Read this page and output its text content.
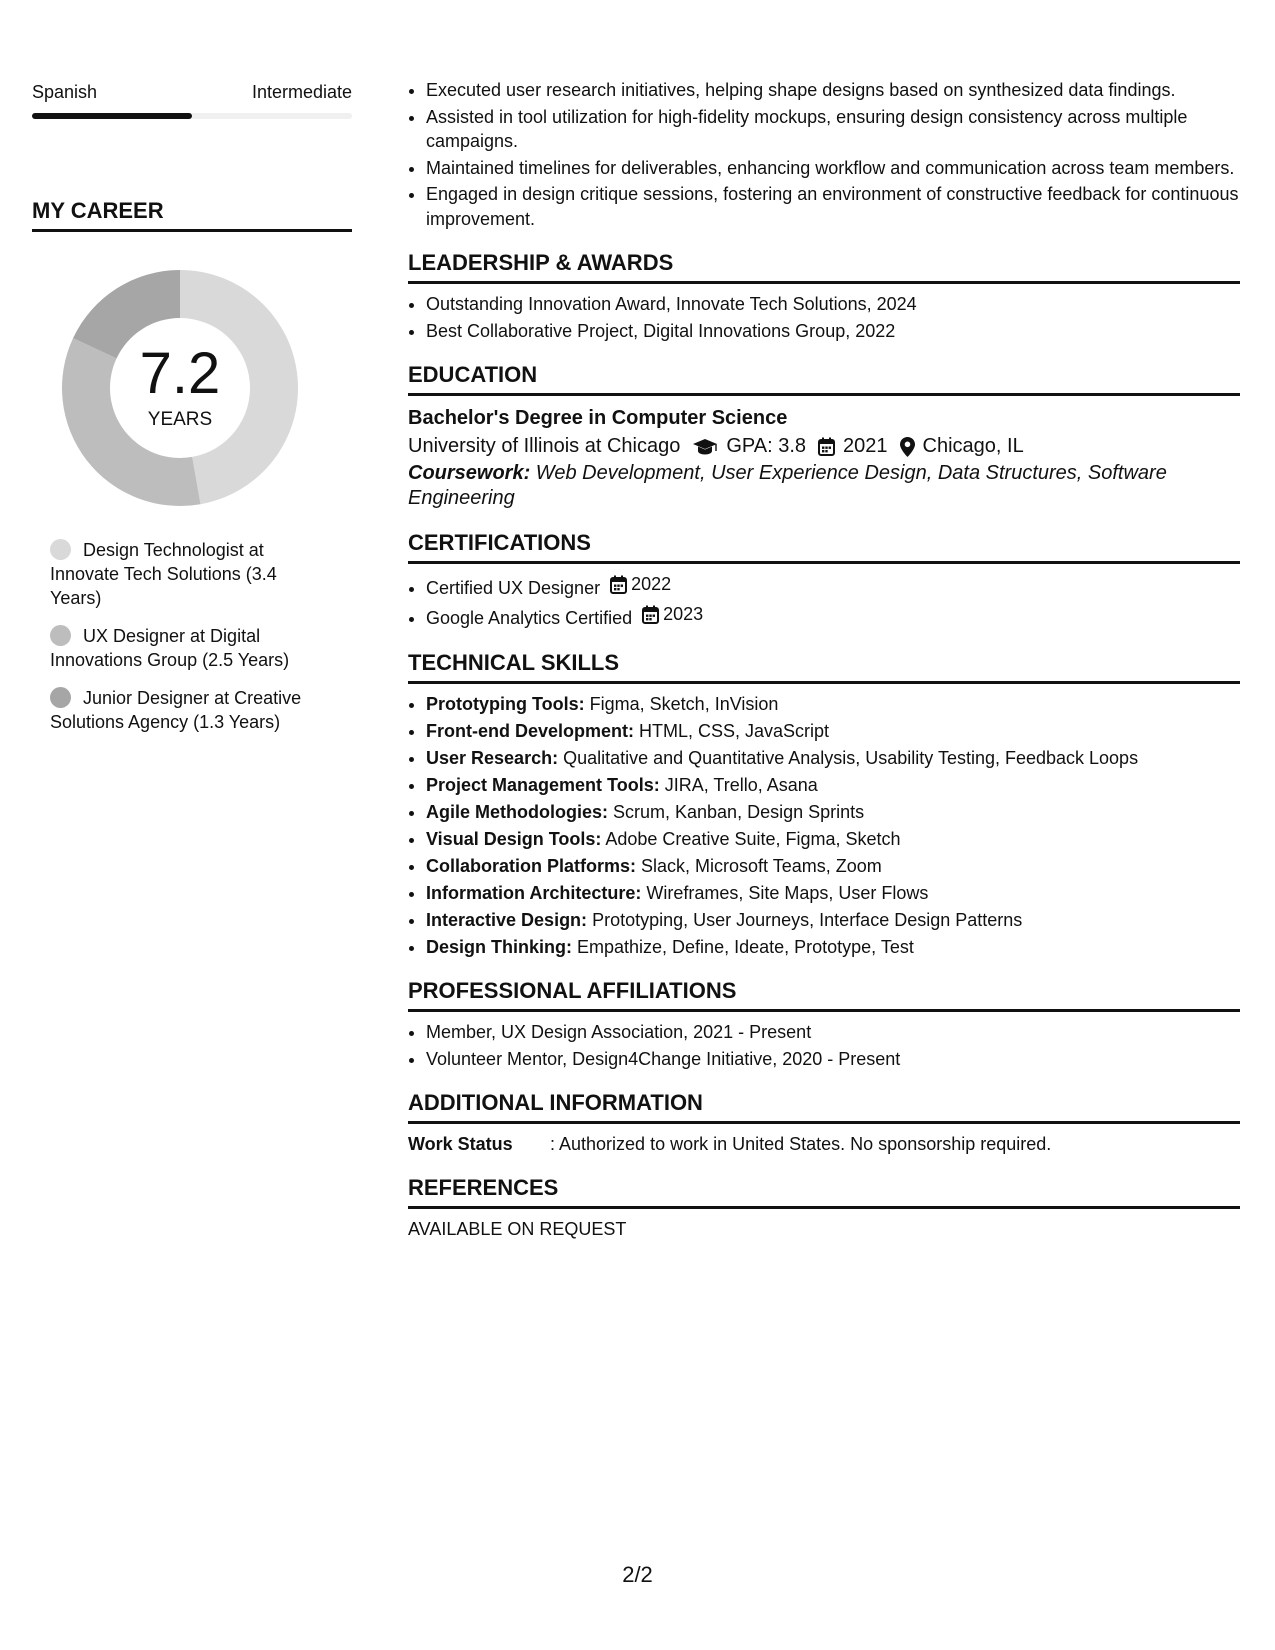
Spanish	Intermediate
MY CAREER
7.2
YEARS
Design Technologist at Innovate Tech Solutions (3.4 Years)
UX Designer at Digital Innovations Group (2.5 Years)
Junior Designer at Creative Solutions Agency (1.3 Years)
• Executed user research initiatives, helping shape designs based on synthesized data findings.
• Assisted in tool utilization for high-fidelity mockups, ensuring design consistency across multiple campaigns.
• Maintained timelines for deliverables, enhancing workflow and communication across team members.
• Engaged in design critique sessions, fostering an environment of constructive feedback for continuous improvement.
LEADERSHIP & AWARDS
• Outstanding Innovation Award, Innovate Tech Solutions, 2024
• Best Collaborative Project, Digital Innovations Group, 2022
EDUCATION
Bachelor's Degree in Computer Science
University of Illinois at Chicago GPA: 3.8 2021 Chicago, IL
Coursework: Web Development, User Experience Design, Data Structures, Software Engineering
CERTIFICATIONS
• Certified UX Designer 2022
• Google Analytics Certified 2023
TECHNICAL SKILLS
• Prototyping Tools: Figma, Sketch, InVision
• Front-end Development: HTML, CSS, JavaScript
• User Research: Qualitative and Quantitative Analysis, Usability Testing, Feedback Loops
• Project Management Tools: JIRA, Trello, Asana
• Agile Methodologies: Scrum, Kanban, Design Sprints
• Visual Design Tools: Adobe Creative Suite, Figma, Sketch
• Collaboration Platforms: Slack, Microsoft Teams, Zoom
• Information Architecture: Wireframes, Site Maps, User Flows
• Interactive Design: Prototyping, User Journeys, Interface Design Patterns
• Design Thinking: Empathize, Define, Ideate, Prototype, Test
PROFESSIONAL AFFILIATIONS
• Member, UX Design Association, 2021 - Present
• Volunteer Mentor, Design4Change Initiative, 2020 - Present
ADDITIONAL INFORMATION
Work Status	: Authorized to work in United States. No sponsorship required.
REFERENCES
AVAILABLE ON REQUEST
2/2
